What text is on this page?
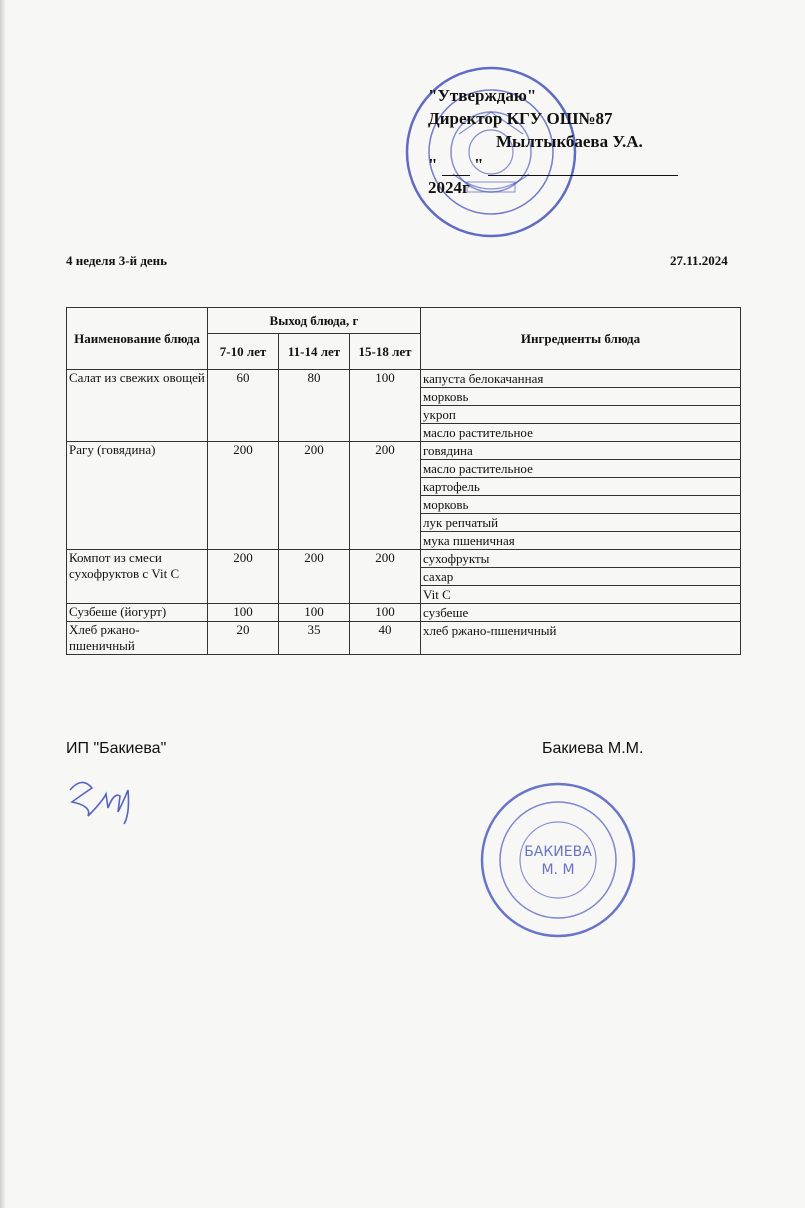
"Утверждаю"
Директор КГУ ОШ№87
Мылтыкбаева У.А.
" "  2024г
4 неделя 3-й день	27.11.2024
Наименование блюда	Выход блюда, г			Ингредиенты блюда
	7-10 лет	11-14 лет	15-18 лет	
Салат из свежих овощей	60	80	100	капуста белокачанная
				морковь
				укроп
				масло растительное
Рагу (говядина)	200	200	200	говядина
				масло растительное
				картофель
				морковь
				лук репчатый
				мука пшеничная
Компот из смеси сухофруктов с Vit C	200	200	200	сухофрукты
				сахар
				Vit C
Сузбеше (йогурт)	100	100	100	сузбеше
Хлеб ржано-пшеничный	20	35	40	хлеб ржано-пшеничный
ИП "Бакиева"	Бакиева М.М.
БАКИЕВА
М. М
